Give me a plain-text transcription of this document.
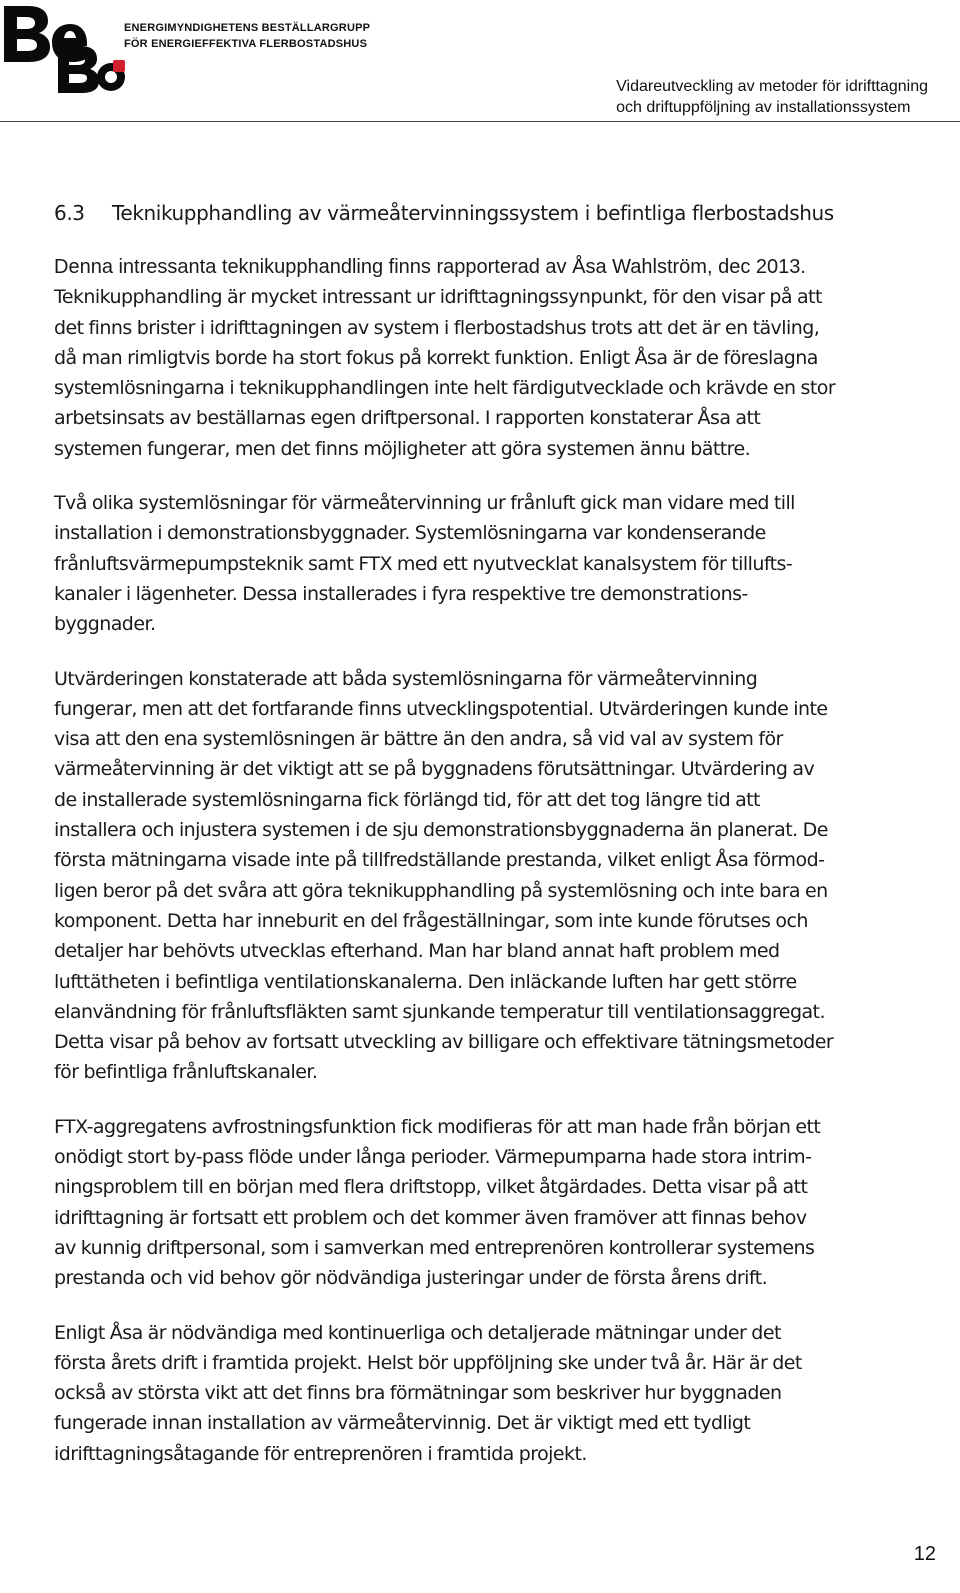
ENERGIMYNDIGHETENS BESTÄLLARGRUPP
FÖR ENERGIEFFEKTIVA FLERBOSTADSHUS
Vidareutveckling av metoder för idrifttagning
och driftuppföljning av installationssystem
6.3 Teknikupphandling av värmeåtervinningssystem i befintliga flerbostadshus

Denna intressanta teknikupphandling finns rapporterad av Åsa Wahlström, dec 2013.
Teknikupphandling är mycket intressant ur idrifttagningssynpunkt, för den visar på att
det finns brister i idrifttagningen av system i flerbostadshus trots att det är en tävling,
då man rimligtvis borde ha stort fokus på korrekt funktion. Enligt Åsa är de föreslagna
systemlösningarna i teknikupphandlingen inte helt färdigutvecklade och krävde en stor
arbetsinsats av beställarnas egen driftpersonal. I rapporten konstaterar Åsa att
systemen fungerar, men det finns möjligheter att göra systemen ännu bättre.

Två olika systemlösningar för värmeåtervinning ur frånluft gick man vidare med till
installation i demonstrationsbyggnader. Systemlösningarna var kondenserande
frånluftsvärmepumpsteknik samt FTX med ett nyutvecklat kanalsystem för tillufts-
kanaler i lägenheter. Dessa installerades i fyra respektive tre demonstrations-
byggnader.

Utvärderingen konstaterade att båda systemlösningarna för värmeåtervinning
fungerar, men att det fortfarande finns utvecklingspotential. Utvärderingen kunde inte
visa att den ena systemlösningen är bättre än den andra, så vid val av system för
värmeåtervinning är det viktigt att se på byggnadens förutsättningar. Utvärdering av
de installerade systemlösningarna fick förlängd tid, för att det tog längre tid att
installera och injustera systemen i de sju demonstrationsbyggnaderna än planerat. De
första mätningarna visade inte på tillfredställande prestanda, vilket enligt Åsa förmod-
ligen beror på det svåra att göra teknikupphandling på systemlösning och inte bara en
komponent. Detta har inneburit en del frågeställningar, som inte kunde förutses och
detaljer har behövts utvecklas efterhand. Man har bland annat haft problem med
lufttätheten i befintliga ventilationskanalerna. Den inläckande luften har gett större
elanvändning för frånluftsfläkten samt sjunkande temperatur till ventilationsaggregat.
Detta visar på behov av fortsatt utveckling av billigare och effektivare tätningsmetoder
för befintliga frånluftskanaler.

FTX-aggregatens avfrostningsfunktion fick modifieras för att man hade från början ett
onödigt stort by-pass flöde under långa perioder. Värmepumparna hade stora intrim-
ningsproblem till en början med flera driftstopp, vilket åtgärdades. Detta visar på att
idrifttagning är fortsatt ett problem och det kommer även framöver att finnas behov
av kunnig driftpersonal, som i samverkan med entreprenören kontrollerar systemens
prestanda och vid behov gör nödvändiga justeringar under de första årens drift.

Enligt Åsa är nödvändiga med kontinuerliga och detaljerade mätningar under det
första årets drift i framtida projekt. Helst bör uppföljning ske under två år. Här är det
också av största vikt att det finns bra förmätningar som beskriver hur byggnaden
fungerade innan installation av värmeåtervinnig. Det är viktigt med ett tydligt
idrifttagningsåtagande för entreprenören i framtida projekt.

12
